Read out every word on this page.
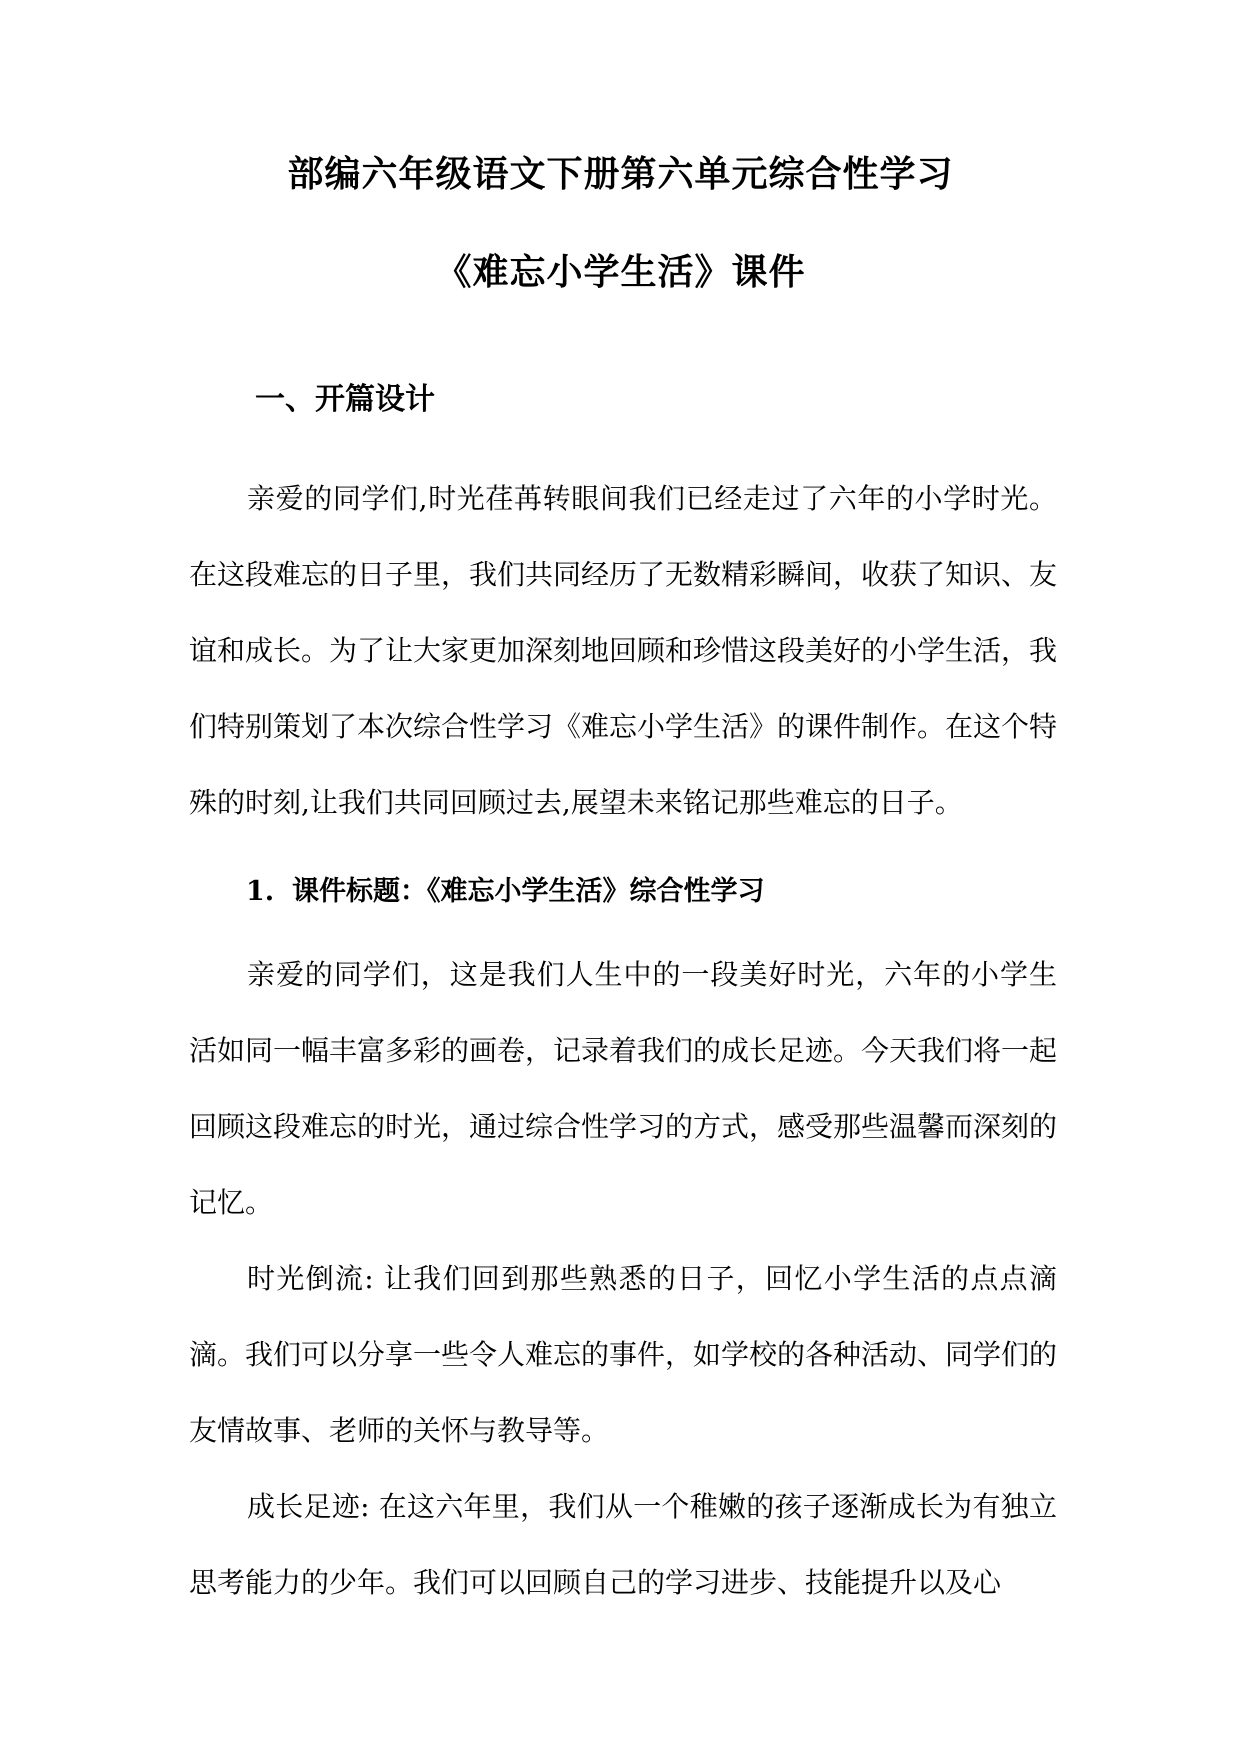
部编六年级语文下册第六单元综合性学习
《难忘小学生活》课件
一、开篇设计

亲爱的同学们,时光荏苒转眼间我们已经走过了六年的小学时光。在这段难忘的日子里，我们共同经历了无数精彩瞬间，收获了知识、友谊和成长。为了让大家更加深刻地回顾和珍惜这段美好的小学生活，我们特别策划了本次综合性学习《难忘小学生活》的课件制作。在这个特殊的时刻,让我们共同回顾过去,展望未来铭记那些难忘的日子。

1. 课件标题：《难忘小学生活》综合性学习

亲爱的同学们，这是我们人生中的一段美好时光，六年的小学生活如同一幅丰富多彩的画卷，记录着我们的成长足迹。今天我们将一起回顾这段难忘的时光，通过综合性学习的方式，感受那些温馨而深刻的记忆。

时光倒流: 让我们回到那些熟悉的日子，回忆小学生活的点点滴滴。我们可以分享一些令人难忘的事件，如学校的各种活动、同学们的友情故事、老师的关怀与教导等。

成长足迹: 在这六年里，我们从一个稚嫩的孩子逐渐成长为有独立思考能力的少年。我们可以回顾自己的学习进步、技能提升以及心
